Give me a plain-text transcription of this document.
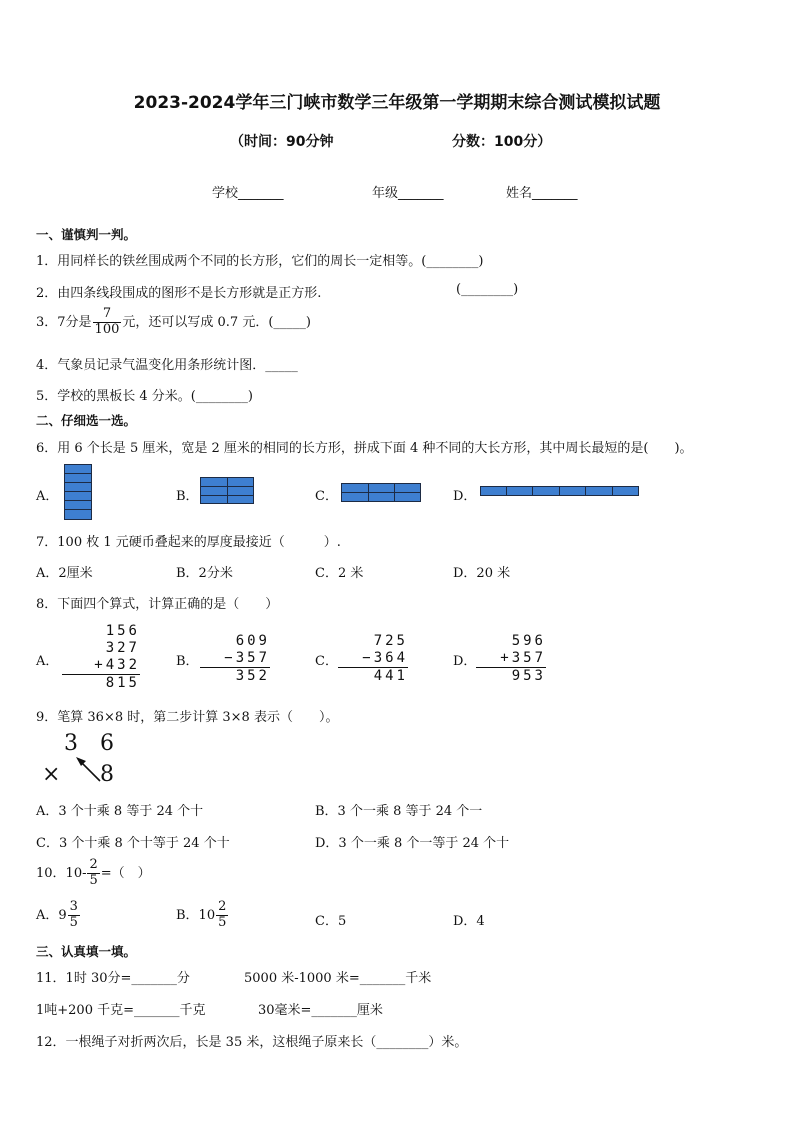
2023-2024学年三门峡市数学三年级第一学期期末综合测试模拟试题
（时间：90分钟	分数：100分）
学校_______	年级_______	姓名_______
一、谨慎判一判。
1．用同样长的铁丝围成两个不同的长方形，它们的周长一定相等。(________)
2．由四条线段围成的图形不是长方形就是正方形.	(________)
3．7分是 $\frac{7}{100}$ 元，还可以写成 0.7 元．(_____)
4．气象员记录气温变化用条形统计图．_____
5．学校的黑板长 4 分米。(________)
二、仔细选一选。
6．用 6 个长是 5 厘米，宽是 2 厘米的相同的长方形，拼成下面 4 种不同的大长方形，其中周长最短的是(　　)。
A．	B．	C．	D．
7．100 枚 1 元硬币叠起来的厚度最接近（　　　）.
A．2厘米	B．2分米	C．2 米	D．20 米
8．下面四个算式，计算正确的是（　　）
A．
156
327
+432
815
B．
609
−357
352
C．
725
−364
441
D．
596
+357
953
9．笔算 36×8 时，第二步计算 3×8 表示（　　）。
3 6
× 8
A．3 个十乘 8 等于 24 个十	B．3 个一乘 8 等于 24 个一
C．3 个十乘 8 个十等于 24 个十	D．3 个一乘 8 个一等于 24 个十
10．$10- \frac{2}{5}$ =（　）
A．$9 \frac{3}{5}$	B．$10 \frac{2}{5}$	C．5	D．4
三、认真填一填。
11．1时 30分=_______分	5000 米-1000 米=_______千米
1吨+200 千克=_______千克	30毫米=_______厘米
12．一根绳子对折两次后，长是 35 米，这根绳子原来长（________）米。
